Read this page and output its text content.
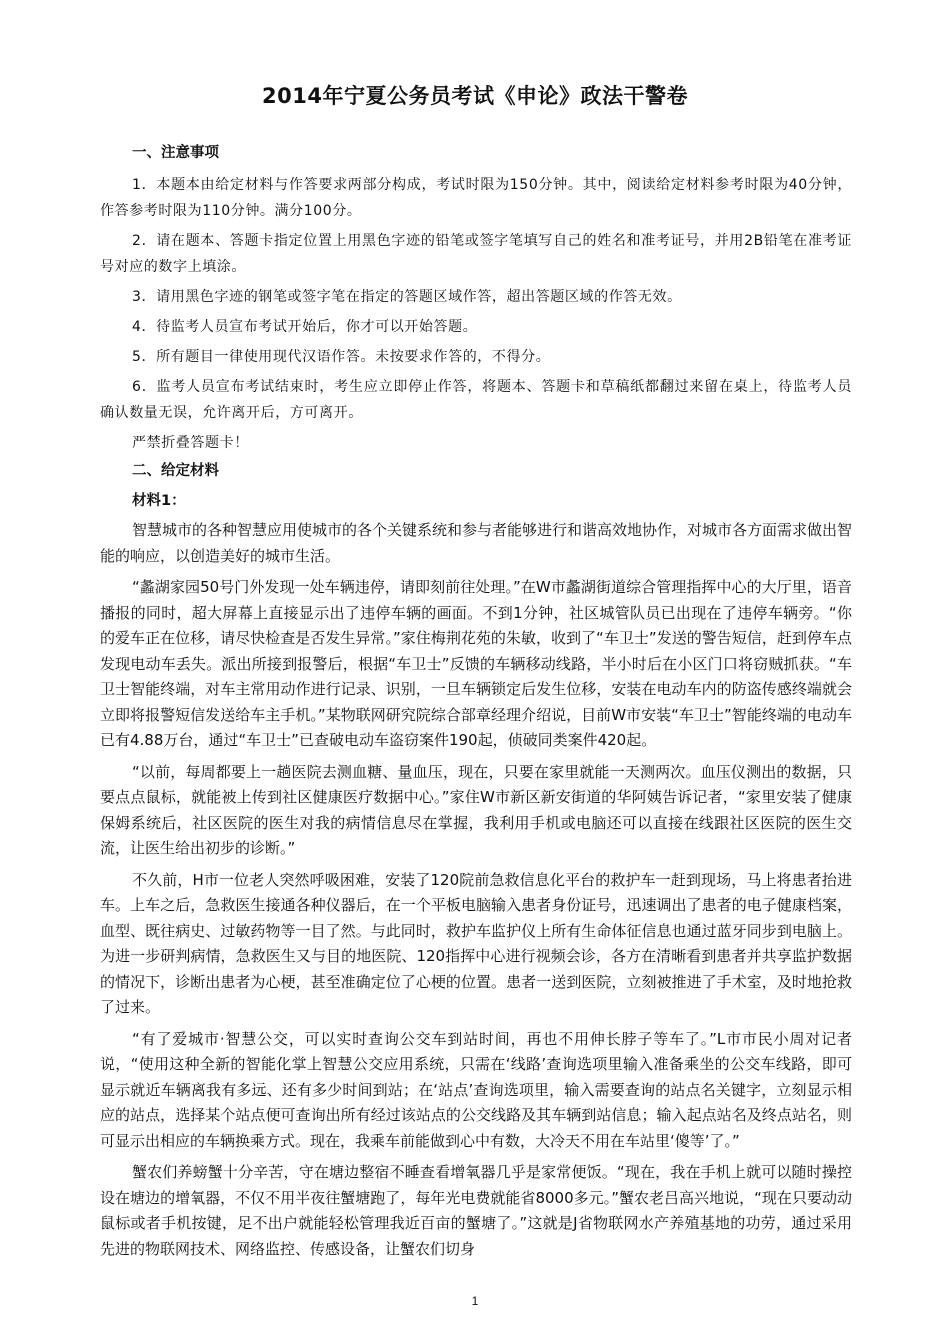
2014年宁夏公务员考试《申论》政法干警卷
一、注意事项
1．本题本由给定材料与作答要求两部分构成，考试时限为150分钟。其中，阅读给定材料参考时限为40分钟，作答参考时限为110分钟。满分100分。
2．请在题本、答题卡指定位置上用黑色字迹的铅笔或签字笔填写自己的姓名和准考证号，并用2B铅笔在准考证号对应的数字上填涂。
3．请用黑色字迹的钢笔或签字笔在指定的答题区域作答，超出答题区域的作答无效。
4．待监考人员宣布考试开始后，你才可以开始答题。
5．所有题目一律使用现代汉语作答。未按要求作答的，不得分。
6．监考人员宣布考试结束时，考生应立即停止作答，将题本、答题卡和草稿纸都翻过来留在桌上，待监考人员确认数量无误，允许离开后，方可离开。
严禁折叠答题卡！
二、给定材料
材料1：

智慧城市的各种智慧应用使城市的各个关键系统和参与者能够进行和谐高效地协作，对城市各方面需求做出智能的响应，以创造美好的城市生活。

“蠡湖家园50号门外发现一处车辆违停，请即刻前往处理。”在W市蠡湖街道综合管理指挥中心的大厅里，语音播报的同时，超大屏幕上直接显示出了违停车辆的画面。不到1分钟，社区城管队员已出现在了违停车辆旁。“你的爱车正在位移，请尽快检查是否发生异常。”家住梅荆花苑的朱敏，收到了“车卫士”发送的警告短信，赶到停车点发现电动车丢失。派出所接到报警后，根据“车卫士”反馈的车辆移动线路，半小时后在小区门口将窃贼抓获。“车卫士智能终端，对车主常用动作进行记录、识别，一旦车辆锁定后发生位移，安装在电动车内的防盗传感终端就会立即将报警短信发送给车主手机。”某物联网研究院综合部章经理介绍说，目前W市安装“车卫士”智能终端的电动车已有4.88万台，通过“车卫士”已查破电动车盗窃案件190起，侦破同类案件420起。

“以前，每周都要上一趟医院去测血糖、量血压，现在，只要在家里就能一天测两次。血压仪测出的数据，只要点点鼠标，就能被上传到社区健康医疗数据中心。”家住W市新区新安街道的华阿姨告诉记者，“家里安装了健康保姆系统后，社区医院的医生对我的病情信息尽在掌握，我利用手机或电脑还可以直接在线跟社区医院的医生交流，让医生给出初步的诊断。”

不久前，H市一位老人突然呼吸困难，安装了120院前急救信息化平台的救护车一赶到现场，马上将患者抬进车。上车之后，急救医生接通各种仪器后，在一个平板电脑输入患者身份证号，迅速调出了患者的电子健康档案，血型、既往病史、过敏药物等一目了然。与此同时，救护车监护仪上所有生命体征信息也通过蓝牙同步到电脑上。为进一步研判病情，急救医生又与目的地医院、120指挥中心进行视频会诊，各方在清晰看到患者并共享监护数据的情况下，诊断出患者为心梗，甚至准确定位了心梗的位置。患者一送到医院，立刻被推进了手术室，及时地抢救了过来。

“有了爱城市·智慧公交，可以实时查询公交车到站时间，再也不用伸长脖子等车了。”L市市民小周对记者说，“使用这种全新的智能化掌上智慧公交应用系统，只需在‘线路’查询选项里输入准备乘坐的公交车线路，即可显示就近车辆离我有多远、还有多少时间到站；在‘站点’查询选项里，输入需要查询的站点名关键字，立刻显示相应的站点，选择某个站点便可查询出所有经过该站点的公交线路及其车辆到站信息；输入起点站名及终点站名，则可显示出相应的车辆换乘方式。现在，我乘车前能做到心中有数，大冷天不用在车站里‘傻等’了。”

蟹农们养螃蟹十分辛苦，守在塘边整宿不睡查看增氧器几乎是家常便饭。“现在，我在手机上就可以随时操控设在塘边的增氧器，不仅不用半夜往蟹塘跑了，每年光电费就能省8000多元。”蟹农老吕高兴地说，“现在只要动动鼠标或者手机按键，足不出户就能轻松管理我近百亩的蟹塘了。”这就是J省物联网水产养殖基地的功劳，通过采用先进的物联网技术、网络监控、传感设备，让蟹农们切身

1
